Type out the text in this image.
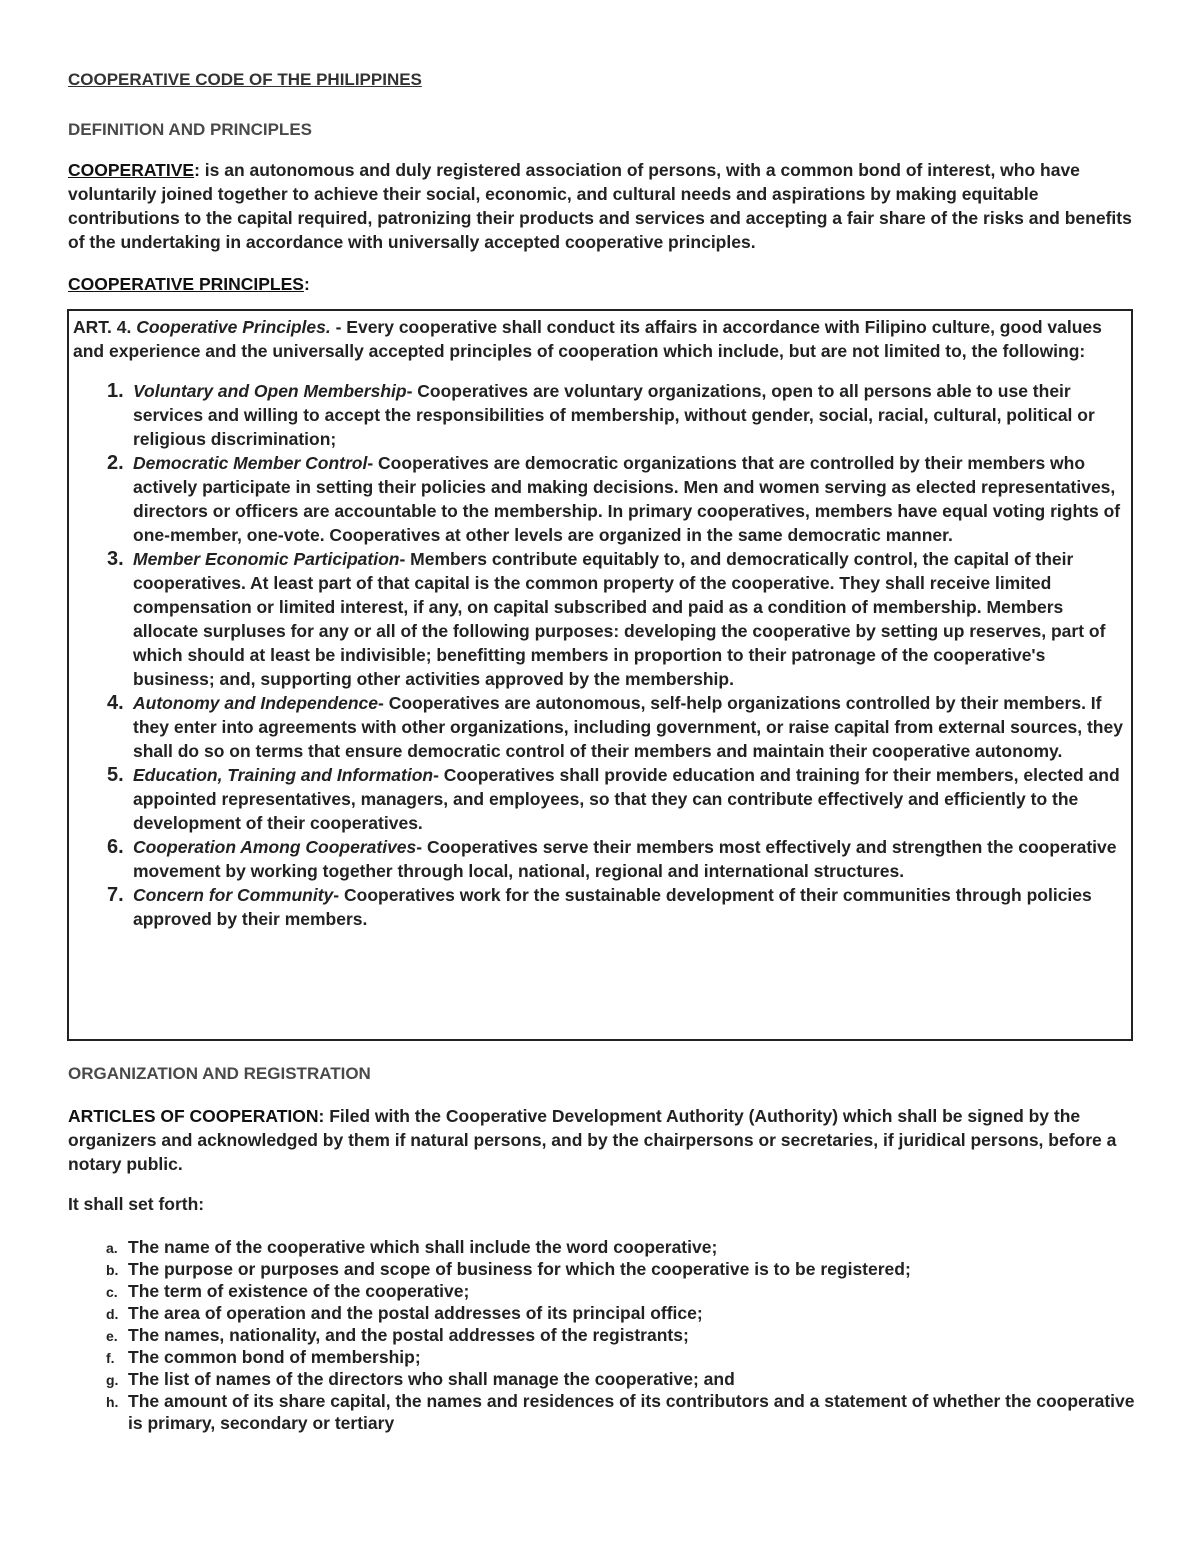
COOPERATIVE CODE OF THE PHILIPPINES
DEFINITION AND PRINCIPLES

COOPERATIVE: is an autonomous and duly registered association of persons, with a common bond of interest, who have voluntarily joined together to achieve their social, economic, and cultural needs and aspirations by making equitable contributions to the capital required, patronizing their products and services and accepting a fair share of the risks and benefits of the undertaking in accordance with universally accepted cooperative principles.

COOPERATIVE PRINCIPLES:

ART. 4. Cooperative Principles. - Every cooperative shall conduct its affairs in accordance with Filipino culture, good values and experience and the universally accepted principles of cooperation which include, but are not limited to, the following:

1. Voluntary and Open Membership- Cooperatives are voluntary organizations, open to all persons able to use their services and willing to accept the responsibilities of membership, without gender, social, racial, cultural, political or religious discrimination;
2. Democratic Member Control- Cooperatives are democratic organizations that are controlled by their members who actively participate in setting their policies and making decisions. Men and women serving as elected representatives, directors or officers are accountable to the membership. In primary cooperatives, members have equal voting rights of one-member, one-vote. Cooperatives at other levels are organized in the same democratic manner.
3. Member Economic Participation- Members contribute equitably to, and democratically control, the capital of their cooperatives. At least part of that capital is the common property of the cooperative. They shall receive limited compensation or limited interest, if any, on capital subscribed and paid as a condition of membership. Members allocate surpluses for any or all of the following purposes: developing the cooperative by setting up reserves, part of which should at least be indivisible; benefitting members in proportion to their patronage of the cooperative's business; and, supporting other activities approved by the membership.
4. Autonomy and Independence- Cooperatives are autonomous, self-help organizations controlled by their members. If they enter into agreements with other organizations, including government, or raise capital from external sources, they shall do so on terms that ensure democratic control of their members and maintain their cooperative autonomy.
5. Education, Training and Information- Cooperatives shall provide education and training for their members, elected and appointed representatives, managers, and employees, so that they can contribute effectively and efficiently to the development of their cooperatives.
6. Cooperation Among Cooperatives- Cooperatives serve their members most effectively and strengthen the cooperative movement by working together through local, national, regional and international structures.
7. Concern for Community- Cooperatives work for the sustainable development of their communities through policies approved by their members.
ORGANIZATION AND REGISTRATION

ARTICLES OF COOPERATION: Filed with the Cooperative Development Authority (Authority) which shall be signed by the organizers and acknowledged by them if natural persons, and by the chairpersons or secretaries, if juridical persons, before a notary public.

It shall set forth:

a. The name of the cooperative which shall include the word cooperative;
b. The purpose or purposes and scope of business for which the cooperative is to be registered;
c. The term of existence of the cooperative;
d. The area of operation and the postal addresses of its principal office;
e. The names, nationality, and the postal addresses of the registrants;
f. The common bond of membership;
g. The list of names of the directors who shall manage the cooperative; and
h. The amount of its share capital, the names and residences of its contributors and a statement of whether the cooperative is primary, secondary or tertiary
